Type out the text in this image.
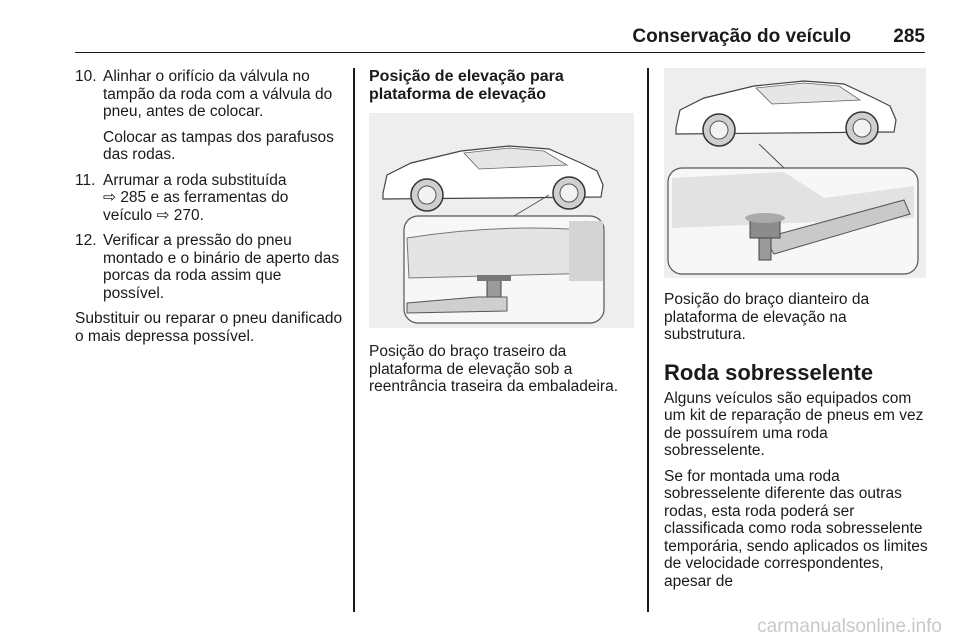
Conservação do veículo 285
10. Alinhar o orifício da válvula no tampão da roda com a válvula do pneu, antes de colocar.

Colocar as tampas dos parafusos das rodas.

11. Arrumar a roda substituída
⇨ 285 e as ferramentas do
veículo ⇨ 270.
12. Verificar a pressão do pneu montado e o binário de aperto das porcas da roda assim que possível.

Substituir ou reparar o pneu danificado o mais depressa possível.

Posição de elevação para plataforma de elevação

Posição do braço traseiro da plataforma de elevação sob a reentrância traseira da embaladeira.

Posição do braço dianteiro da plataforma de elevação na substrutura.

Roda sobresselente

Alguns veículos são equipados com um kit de reparação de pneus em vez de possuírem uma roda sobresselente.

Se for montada uma roda sobresselente diferente das outras rodas, esta roda poderá ser classificada como roda sobresselente temporária, sendo aplicados os limites de velocidade correspondentes, apesar de

carmanualsonline.info
